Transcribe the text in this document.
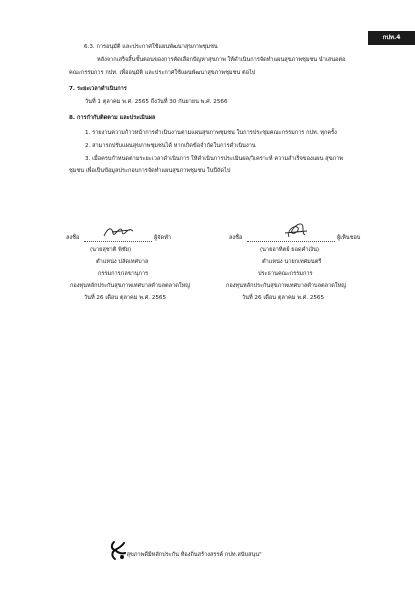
กปท.4
6.3. การอนุมัติ และประกาศใช้แผนพัฒนาสุขภาพชุมชน
หลังจากเสร็จสิ้นขั้นตอนของการคัดเลือกปัญหาสุขภาพ ให้ดำเนินการจัดทำแผนสุขภาพชุมชน นำเสนอต่อ
คณะกรรมการ กปท. เพื่ออนุมัติ และประกาศใช้แผนพัฒนาสุขภาพชุมชน ต่อไป
7. ระยะเวลาดำเนินการ
วันที่ 1 ตุลาคม พ.ศ. 2565 ถึงวันที่ 30 กันยายน พ.ศ. 2566
8. การกำกับติดตาม และประเมินผล
1. รายงานความก้าวหน้าการดำเนินงานตามแผนสุขภาพชุมชน ในการประชุมคณะกรรมการ กปท. ทุกครั้ง
2. สามารถปรับแผนสุขภาพชุมชนได้ หากเกิดข้อจำกัดในการดำเนินงาน
3. เมื่อครบกำหนดตามระยะเวลาดำเนินการ ให้ดำเนินการประเมินผล/วิเคราะห์ ความสำเร็จของแผน สุขภาพ
ชุมชน เพื่อเป็นข้อมูลประกอบการจัดทำแผนสุขภาพชุมชน ในปีถัดไป
ลงชื่อ	ผู้จัดทำ
(นายสุชาติ พิชัย)
ตำแหน่ง ปลัดเทศบาล
กรรมการ/เลขานุการ
กองทุนหลักประกันสุขภาพเทศบาลตำบลตลาดใหญ่
วันที่ 26 เดือน ตุลาคม พ.ศ. 2565
ลงชื่อ	ผู้เห็นชอบ
(นายอาทิตย์ ยอดคำเงิน)
ตำแหน่ง นายกเทศมนตรี
ประธานคณะกรรมการ
กองทุนหลักประกันสุขภาพเทศบาลตำบลตลาดใหญ่
วันที่ 26 เดือน ตุลาคม พ.ศ. 2565
"สุขภาพดีมีหลักประกัน ท้องถิ่นสร้างสรรค์ กปท.สนับสนุน"
